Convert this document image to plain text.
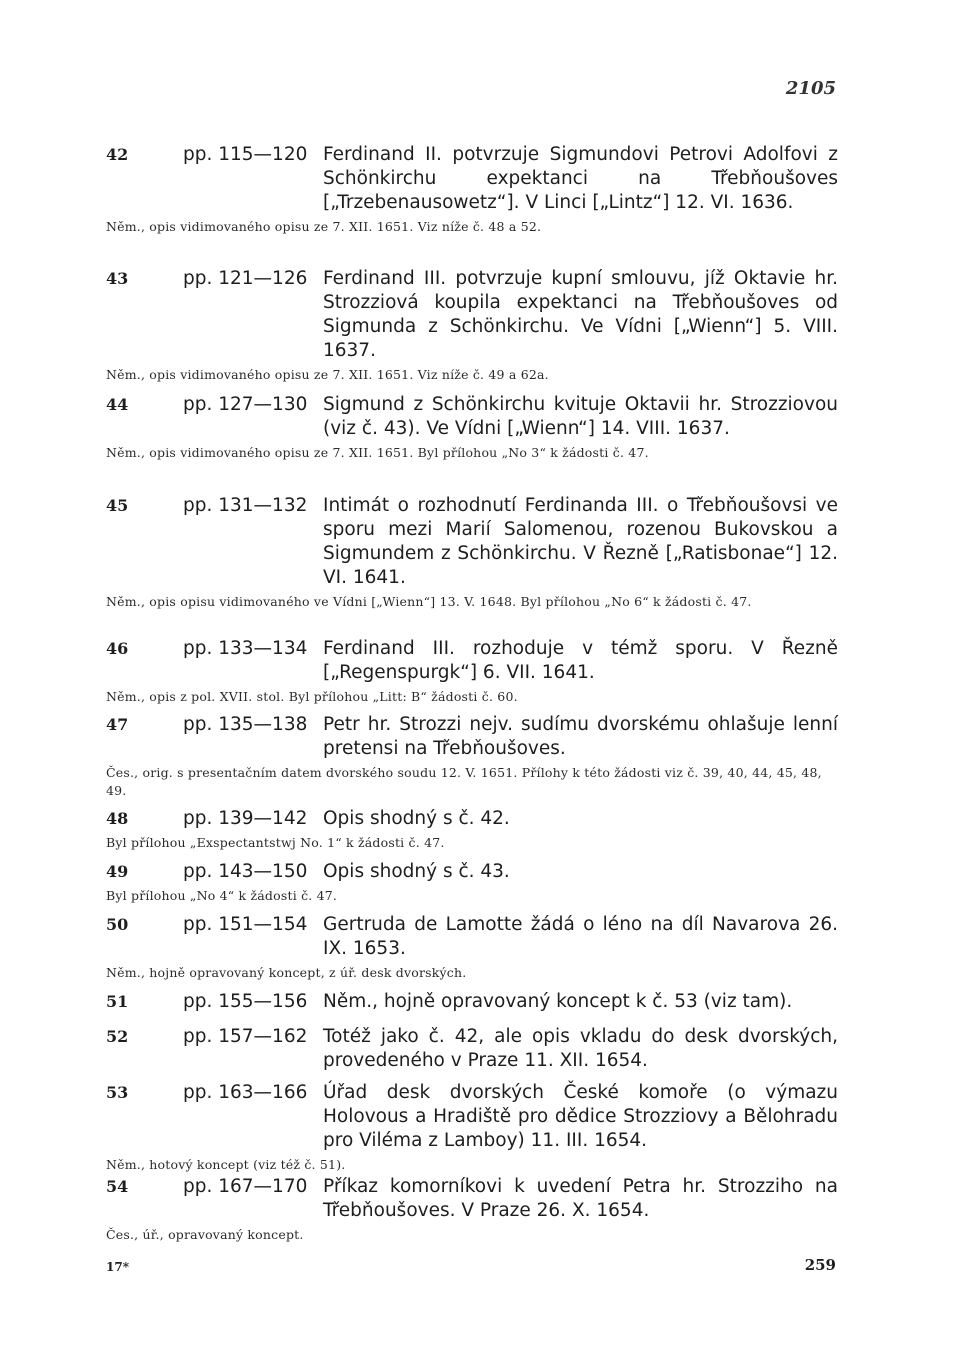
2105
42	pp. 115—120 Ferdinand II. potvrzuje Sigmundovi Petrovi Adolfovi z Schönkirchu expektanci na Třebňoušoves [„Trzebenausowetz“]. V Linci [„Lintz“] 12. VI. 1636.
Něm., opis vidimovaného opisu ze 7. XII. 1651. Viz níže č. 48 a 52.
43	pp. 121—126 Ferdinand III. potvrzuje kupní smlouvu, jíž Oktavie hr. Strozziová koupila expektanci na Třebňoušoves od Sigmunda z Schönkirchu. Ve Vídni [„Wienn“] 5. VIII. 1637.
Něm., opis vidimovaného opisu ze 7. XII. 1651. Viz níže č. 49 a 62a.
44	pp. 127—130 Sigmund z Schönkirchu kvituje Oktavii hr. Strozziovou (viz č. 43). Ve Vídni [„Wienn“] 14. VIII. 1637.
Něm., opis vidimovaného opisu ze 7. XII. 1651. Byl přílohou „No 3“ k žádosti č. 47.
45	pp. 131—132 Intimát o rozhodnutí Ferdinanda III. o Třebňoušovsi ve sporu mezi Marií Salomenou, rozenou Bukovskou a Sigmundem z Schönkirchu. V Řezně [„Ratisbonae“] 12. VI. 1641.
Něm., opis opisu vidimovaného ve Vídni [„Wienn“] 13. V. 1648. Byl přílohou „No 6“ k žádosti č. 47.
46	pp. 133—134 Ferdinand III. rozhoduje v témž sporu. V Řezně [„Regenspurgk“] 6. VII. 1641.
Něm., opis z pol. XVII. stol. Byl přílohou „Litt: B“ žádosti č. 60.
47	pp. 135—138 Petr hr. Strozzi nejv. sudímu dvorskému ohlašuje lenní pretensi na Třebňoušoves.
Čes., orig. s presentačním datem dvorského soudu 12. V. 1651. Přílohy k této žádosti viz č. 39, 40, 44, 45, 48, 49.
48	pp. 139—142 Opis shodný s č. 42.
Byl přílohou „Exspectantstwj No. 1“ k žádosti č. 47.
49	pp. 143—150 Opis shodný s č. 43.
Byl přílohou „No 4“ k žádosti č. 47.
50	pp. 151—154 Gertruda de Lamotte žádá o léno na díl Navarova 26. IX. 1653.
Něm., hojně opravovaný koncept, z úř. desk dvorských.
51	pp. 155—156 Něm., hojně opravovaný koncept k č. 53 (viz tam).
52	pp. 157—162 Totéž jako č. 42, ale opis vkladu do desk dvorských, provedeného v Praze 11. XII. 1654.
53	pp. 163—166 Úřad desk dvorských České komoře (o výmazu Holovous a Hradiště pro dědice Strozziovy a Bělohradu pro Viléma z Lamboy) 11. III. 1654.
Něm., hotový koncept (viz též č. 51).
54	pp. 167—170 Příkaz komorníkovi k uvedení Petra hr. Strozziho na Třebňoušoves. V Praze 26. X. 1654.
Čes., úř., opravovaný koncept.
17*	259
